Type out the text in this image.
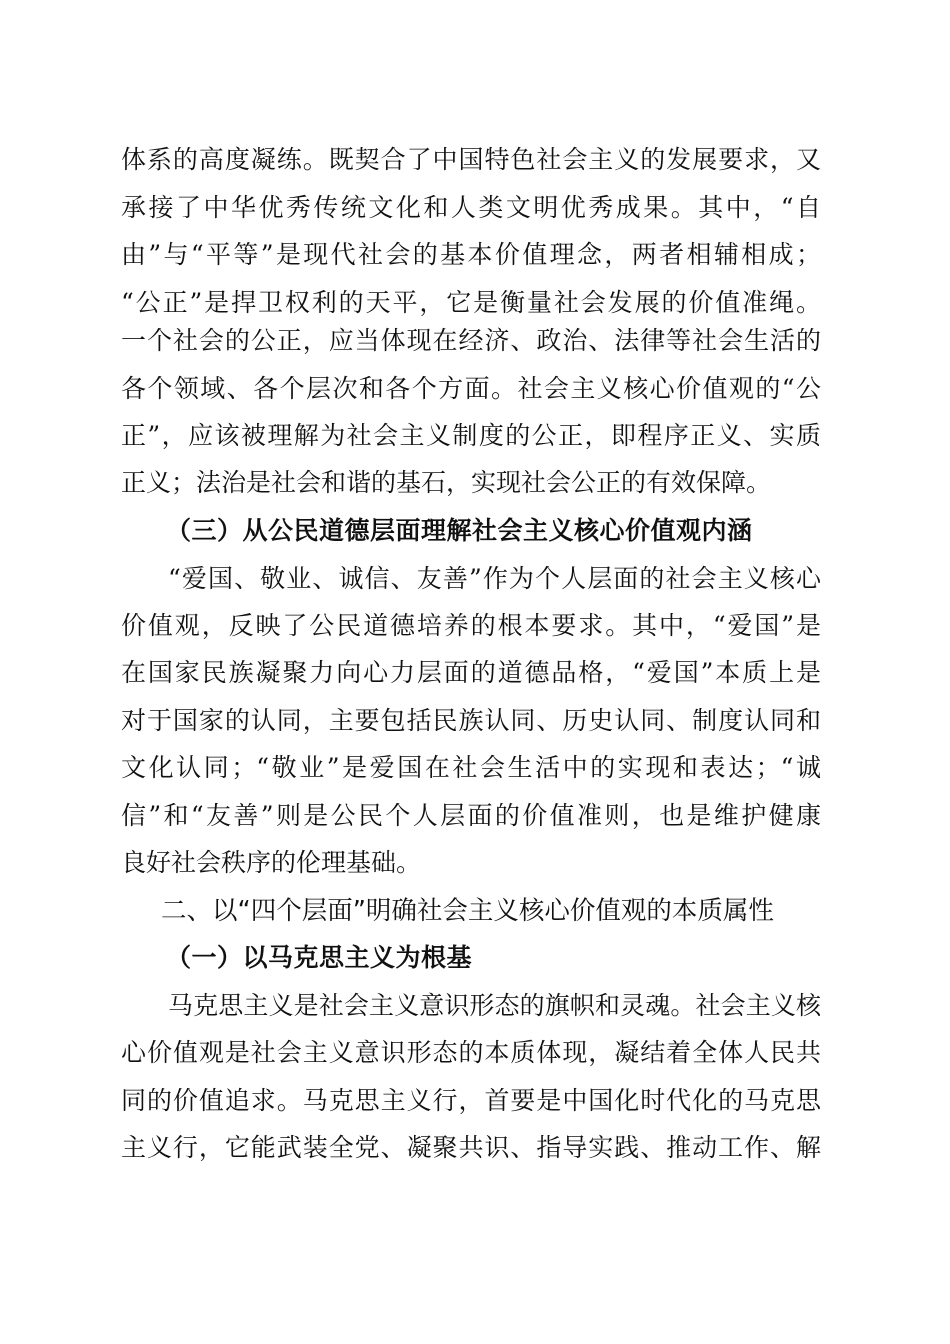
体系的高度凝练。既契合了中国特色社会主义的发展要求，又
承接了中华优秀传统文化和人类文明优秀成果。其中，“自
由”与“平等”是现代社会的基本价值理念，两者相辅相成；
“公正”是捍卫权利的天平，它是衡量社会发展的价值准绳。
一个社会的公正，应当体现在经济、政治、法律等社会生活的
各个领域、各个层次和各个方面。社会主义核心价值观的“公
正”，应该被理解为社会主义制度的公正，即程序正义、实质
正义；法治是社会和谐的基石，实现社会公正的有效保障。
（三）从公民道德层面理解社会主义核心价值观内涵
“爱国、敬业、诚信、友善”作为个人层面的社会主义核心
价值观，反映了公民道德培养的根本要求。其中，“爱国”是
在国家民族凝聚力向心力层面的道德品格，“爱国”本质上是
对于国家的认同，主要包括民族认同、历史认同、制度认同和
文化认同；“敬业”是爱国在社会生活中的实现和表达；“诚
信”和“友善”则是公民个人层面的价值准则，也是维护健康
良好社会秩序的伦理基础。
二、以“四个层面”明确社会主义核心价值观的本质属性
（一）以马克思主义为根基
马克思主义是社会主义意识形态的旗帜和灵魂。社会主义核
心价值观是社会主义意识形态的本质体现，凝结着全体人民共
同的价值追求。马克思主义行，首要是中国化时代化的马克思
主义行，它能武装全党、凝聚共识、指导实践、推动工作、解
